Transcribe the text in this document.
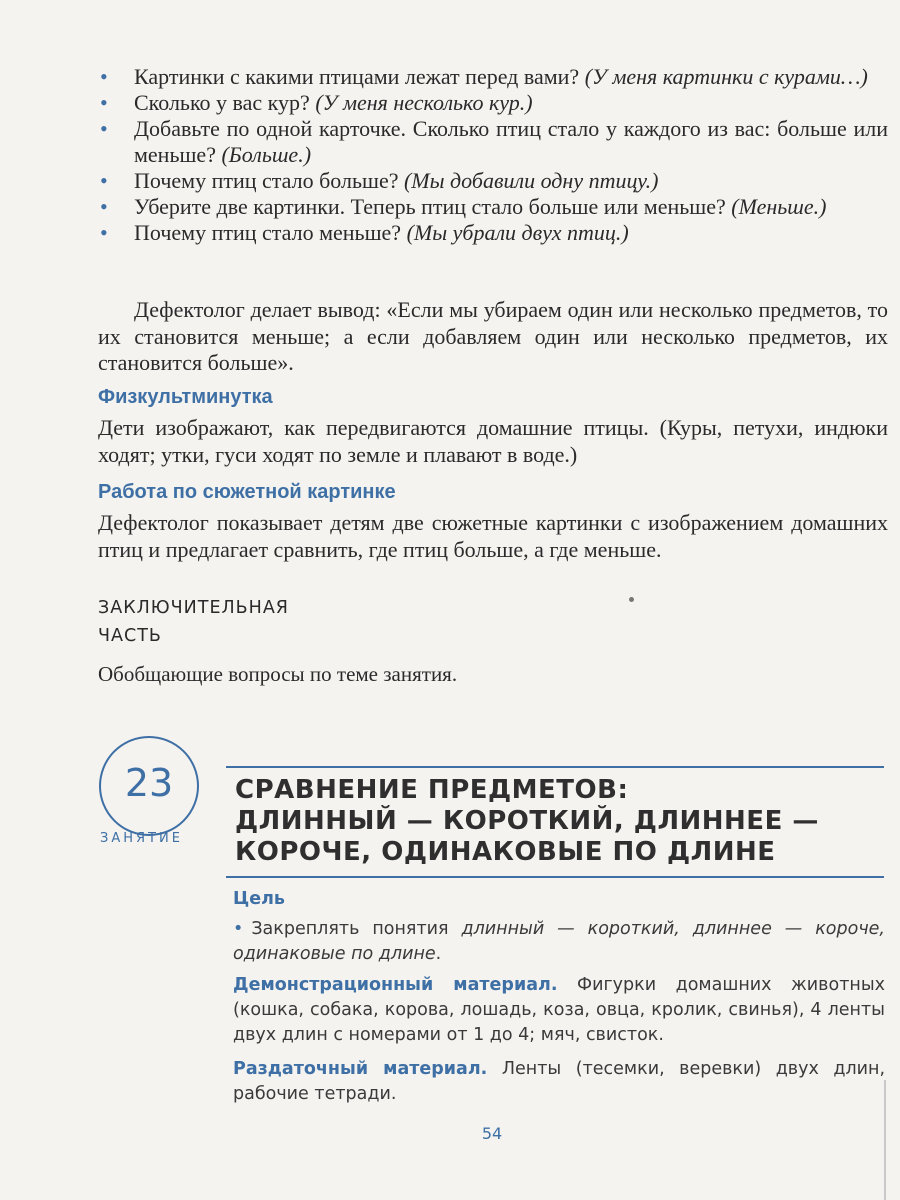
• Картинки с какими птицами лежат перед вами? (У меня картинки с курами…)
• Сколько у вас кур? (У меня несколько кур.)
• Добавьте по одной карточке. Сколько птиц стало у каждого из вас: больше или меньше? (Больше.)
• Почему птиц стало больше? (Мы добавили одну птицу.)
• Уберите две картинки. Теперь птиц стало больше или меньше? (Меньше.)
• Почему птиц стало меньше? (Мы убрали двух птиц.)

Дефектолог делает вывод: «Если мы убираем один или несколько предметов, то их становится меньше; а если добавляем один или несколько предметов, их становится больше».

Физкультминутка

Дети изображают, как передвигаются домашние птицы. (Куры, петухи, индюки ходят; утки, гуси ходят по земле и плавают в воде.)

Работа по сюжетной картинке

Дефектолог показывает детям две сюжетные картинки с изображением домашних птиц и предлагает сравнить, где птиц больше, а где меньше.

ЗАКЛЮЧИТЕЛЬНАЯ
ЧАСТЬ

Обобщающие вопросы по теме занятия.

23
ЗАНЯТИЕ
СРАВНЕНИЕ ПРЕДМЕТОВ:
ДЛИННЫЙ — КОРОТКИЙ, ДЛИННЕЕ —
КОРОЧЕ, ОДИНАКОВЫЕ ПО ДЛИНЕ

Цель

• Закреплять понятия длинный — короткий, длиннее — короче, одинаковые по длине.

Демонстрационный материал. Фигурки домашних животных (кошка, собака, корова, лошадь, коза, овца, кролик, свинья), 4 ленты двух длин с номерами от 1 до 4; мяч, свисток.

Раздаточный материал. Ленты (тесемки, веревки) двух длин, рабочие тетради.

54
